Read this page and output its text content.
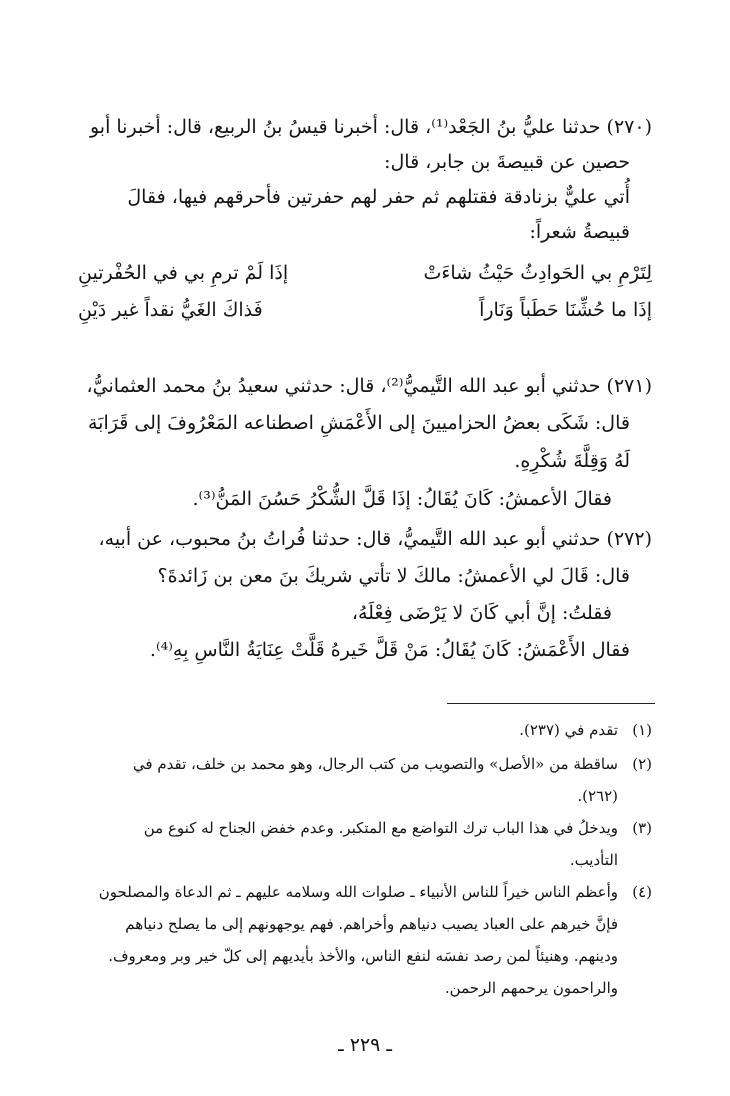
(٢٧٠) حدثنا عليُّ بنُ الجَعْد⁽¹⁾، قال: أخبرنا قيسُ بنُ الربيع، قال: أخبرنا أبو
حصين عن قبيصةَ بن جابر، قال:
أُتي عليٌّ بزنادقة فقتلهم ثم حفر لهم حفرتين فأحرقهم فيها، فقالَ
قبيصةُ شعراً:
لِتَرْمِ بي الحَوادِثُ حَيْثُ شاءَتْ
إذَا لَمْ ترمِ بي في الحُفْرتينِ
إذَا ما حُشِّنَا حَطَباً وَنَاراً
فَذاكَ الغَيُّ نقداً غير دَيْنِ
(٢٧١) حدثني أبو عبد الله التَّيميُّ⁽²⁾، قال: حدثني سعيدُ بنُ محمد العثمانيُّ،
قال: شَكَى بعضُ الحزاميينَ إلى الأَعْمَشِ اصطناعه المَعْرُوفَ إلى قَرَابَة
لَهُ وَقِلَّةَ شُكْرِهِ.
فقالَ الأعمشُ: كَانَ يُقَالُ: إذَا قَلَّ الشُّكْرُ حَسُنَ المَنُّ⁽³⁾.
(٢٧٢) حدثني أبو عبد الله التَّيميُّ، قال: حدثنا فُراتُ بنُ محبوب، عن أبيه،
قال: قَالَ لي الأعمشُ: مالكَ لا تأتي شريكَ بنَ معن بن زَائدةَ؟
فقلتُ: إنَّ أبي كَانَ لا يَرْضَى فِعْلَهُ،
فقال الأَعْمَشُ: كَانَ يُقَالُ: مَنْ قَلَّ خَيرهُ قَلَّتْ عِنَايَةُ النَّاسِ بِهِ⁽⁴⁾.
(١)
تقدم في (٢٣٧).
(٢)
ساقطة من «الأصل» والتصويب من كتب الرجال، وهو محمد بن خلف، تقدم في
(٢٦٢).
(٣)
ويدخلُ في هذا الباب ترك التواضع مع المتكبر. وعدم خفض الجناح له كنوع من
التأديب.
(٤)
وأعظم الناس خيراً للناس الأنبياء ـ صلوات الله وسلامه عليهم ـ ثم الدعاة والمصلحون
فإنَّ خيرهم على العباد يصيب دنياهم وأخراهم. فهم يوجهونهم إلى ما يصلح دنياهم
ودينهم. وهنيئاً لمن رصد نفسَه لنفع الناس، والأخذ بأيديهم إلى كلّ خير وبر ومعروف.
والراحمون يرحمهم الرحمن.
ـ ٢٢٩ ـ
